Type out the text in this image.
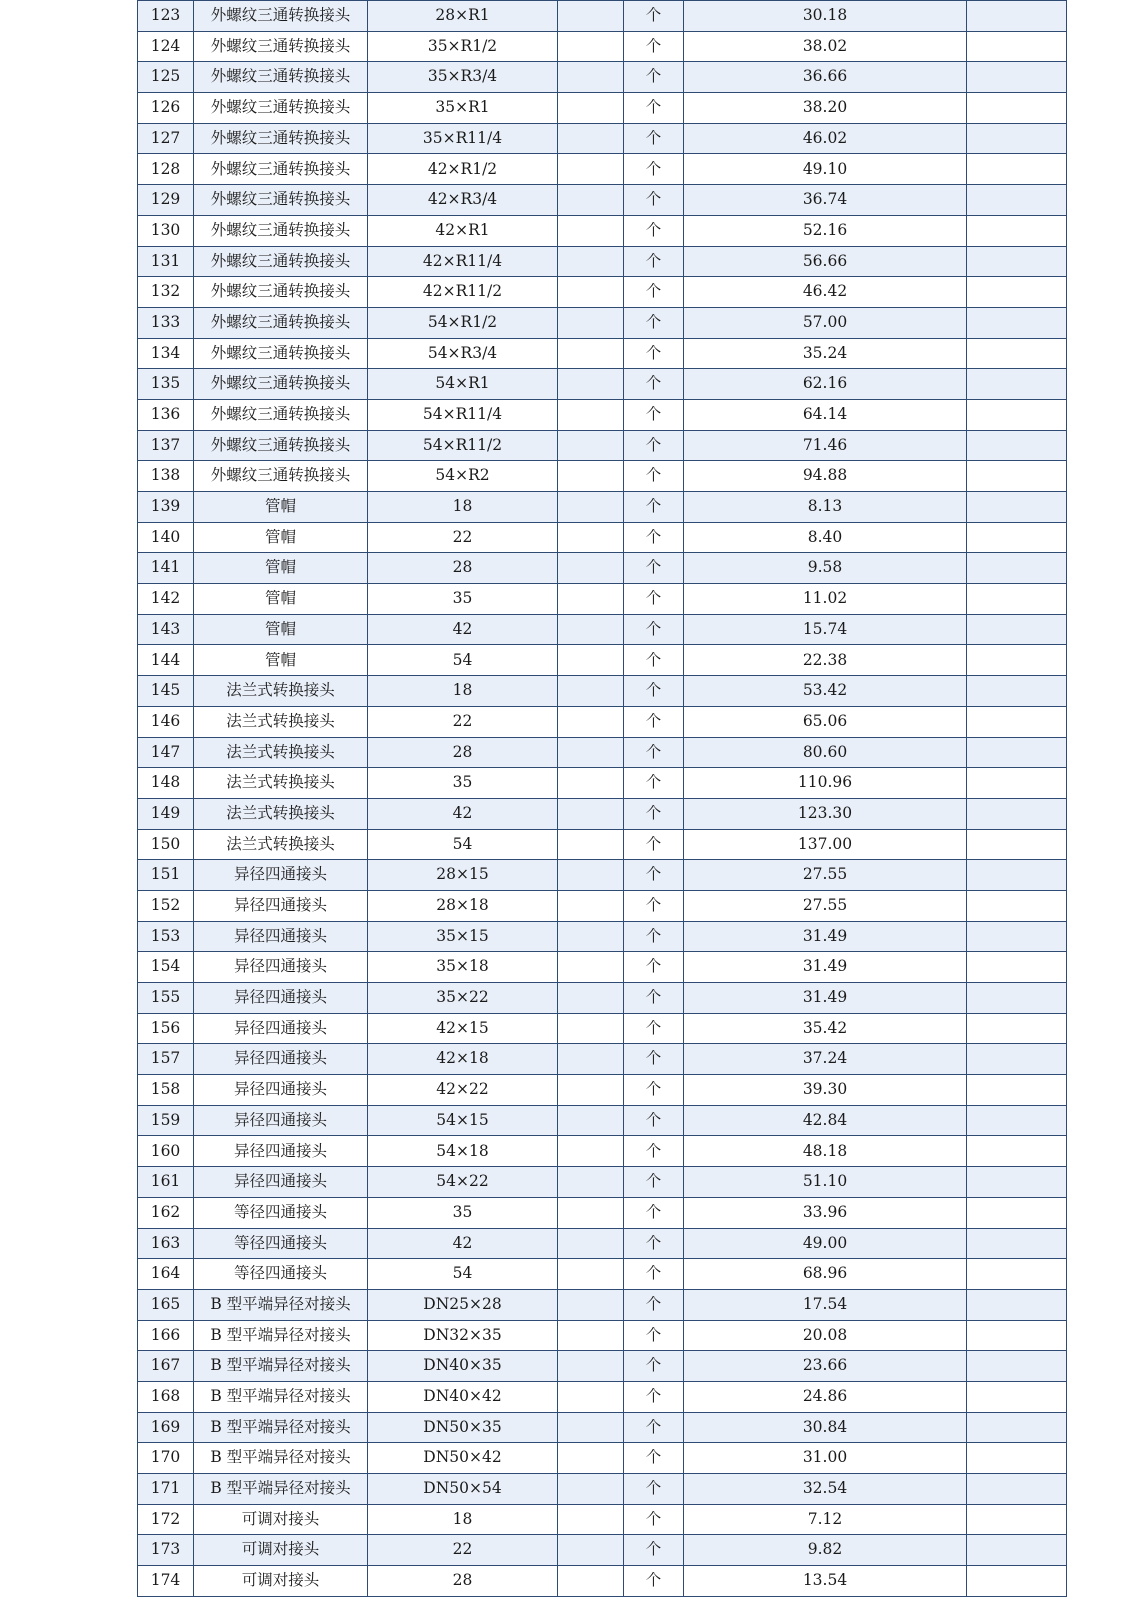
123	外螺纹三通转换接头	28×R1		个	30.18	
124	外螺纹三通转换接头	35×R1/2		个	38.02	
125	外螺纹三通转换接头	35×R3/4		个	36.66	
126	外螺纹三通转换接头	35×R1		个	38.20	
127	外螺纹三通转换接头	35×R11/4		个	46.02	
128	外螺纹三通转换接头	42×R1/2		个	49.10	
129	外螺纹三通转换接头	42×R3/4		个	36.74	
130	外螺纹三通转换接头	42×R1		个	52.16	
131	外螺纹三通转换接头	42×R11/4		个	56.66	
132	外螺纹三通转换接头	42×R11/2		个	46.42	
133	外螺纹三通转换接头	54×R1/2		个	57.00	
134	外螺纹三通转换接头	54×R3/4		个	35.24	
135	外螺纹三通转换接头	54×R1		个	62.16	
136	外螺纹三通转换接头	54×R11/4		个	64.14	
137	外螺纹三通转换接头	54×R11/2		个	71.46	
138	外螺纹三通转换接头	54×R2		个	94.88	
139	管帽	18		个	8.13	
140	管帽	22		个	8.40	
141	管帽	28		个	9.58	
142	管帽	35		个	11.02	
143	管帽	42		个	15.74	
144	管帽	54		个	22.38	
145	法兰式转换接头	18		个	53.42	
146	法兰式转换接头	22		个	65.06	
147	法兰式转换接头	28		个	80.60	
148	法兰式转换接头	35		个	110.96	
149	法兰式转换接头	42		个	123.30	
150	法兰式转换接头	54		个	137.00	
151	异径四通接头	28×15		个	27.55	
152	异径四通接头	28×18		个	27.55	
153	异径四通接头	35×15		个	31.49	
154	异径四通接头	35×18		个	31.49	
155	异径四通接头	35×22		个	31.49	
156	异径四通接头	42×15		个	35.42	
157	异径四通接头	42×18		个	37.24	
158	异径四通接头	42×22		个	39.30	
159	异径四通接头	54×15		个	42.84	
160	异径四通接头	54×18		个	48.18	
161	异径四通接头	54×22		个	51.10	
162	等径四通接头	35		个	33.96	
163	等径四通接头	42		个	49.00	
164	等径四通接头	54		个	68.96	
165	B 型平端异径对接头	DN25×28		个	17.54	
166	B 型平端异径对接头	DN32×35		个	20.08	
167	B 型平端异径对接头	DN40×35		个	23.66	
168	B 型平端异径对接头	DN40×42		个	24.86	
169	B 型平端异径对接头	DN50×35		个	30.84	
170	B 型平端异径对接头	DN50×42		个	31.00	
171	B 型平端异径对接头	DN50×54		个	32.54	
172	可调对接头	18		个	7.12	
173	可调对接头	22		个	9.82	
174	可调对接头	28		个	13.54	
